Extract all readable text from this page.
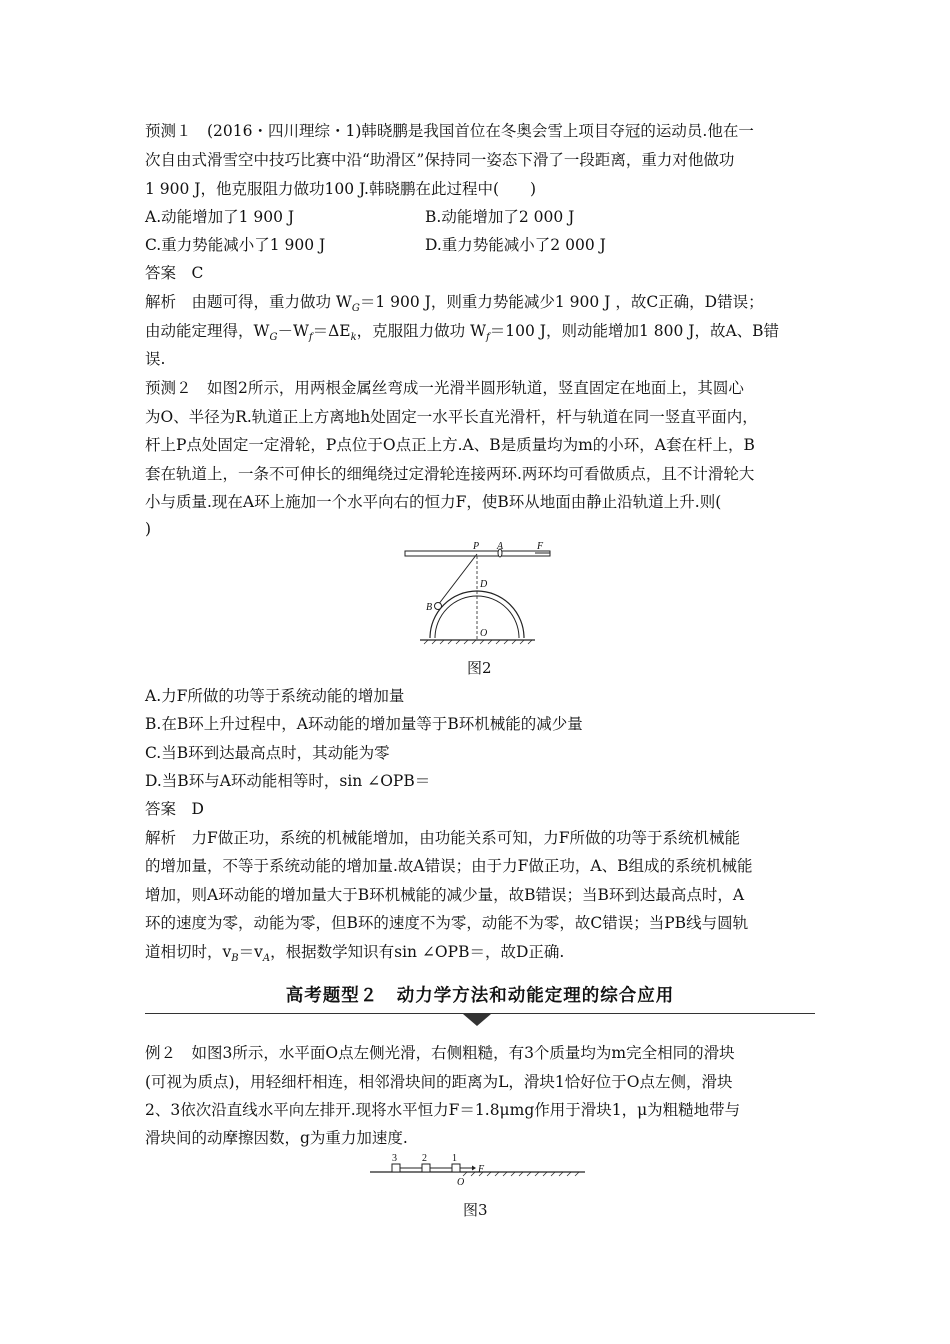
预测１　(2016・四川理综・1)韩晓鹏是我国首位在冬奥会雪上项目夺冠的运动员.他在一
次自由式滑雪空中技巧比赛中沿“助滑区”保持同一姿态下滑了一段距离，重力对他做功
1 900 J，他克服阻力做功100 J.韩晓鹏在此过程中(　　)
A.动能增加了1 900 J	B.动能增加了2 000 J
C.重力势能减小了1 900 J	D.重力势能减小了2 000 J
答案　C
解析　由题可得，重力做功 $W_G=1$ 900 J，则重力势能减少1 900 J ，故C正确，D错误；
由动能定理得，$W_G-W_f=\Delta E_k$，克服阻力做功 $W_f=100$ J，则动能增加1 800 J，故A、B错
误.
预测２　如图2所示，用两根金属丝弯成一光滑半圆形轨道，竖直固定在地面上，其圆心
为O、半径为R.轨道正上方离地h处固定一水平长直光滑杆，杆与轨道在同一竖直平面内，
杆上P点处固定一定滑轮，P点位于O点正上方.A、B是质量均为m的小环，A套在杆上，B
套在轨道上，一条不可伸长的细绳绕过定滑轮连接两环.两环均可看做质点，且不计滑轮大
小与质量.现在A环上施加一个水平向右的恒力F，使B环从地面由静止沿轨道上升.则(
)
P A	F
D
B
O
图2
A.力F所做的功等于系统动能的增加量
B.在B环上升过程中，A环动能的增加量等于B环机械能的减少量
C.当B环到达最高点时，其动能为零
D.当B环与A环动能相等时，sin ∠OPB＝
答案　D
解析　力F做正功，系统的机械能增加，由功能关系可知，力F所做的功等于系统机械能
的增加量，不等于系统动能的增加量.故A错误；由于力F做正功，A、B组成的系统机械能
增加，则A环动能的增加量大于B环机械能的减少量，故B错误；当B环到达最高点时，A
环的速度为零，动能为零，但B环的速度不为零，动能不为零，故C错误；当PB线与圆轨
道相切时，$v_B=v_A$，根据数学知识有sin ∠OPB＝，故D正确.
高考题型２　动力学方法和动能定理的综合应用
例２　如图3所示，水平面O点左侧光滑，右侧粗糙，有3个质量均为m完全相同的滑块
(可视为质点)，用轻细杆相连，相邻滑块间的距离为L，滑块1恰好位于O点左侧，滑块
2、3依次沿直线水平向左排开.现将水平恒力F＝1.8μmg作用于滑块1，μ为粗糙地带与
滑块间的动摩擦因数，g为重力加速度.
3	2	1
F
O
图3
